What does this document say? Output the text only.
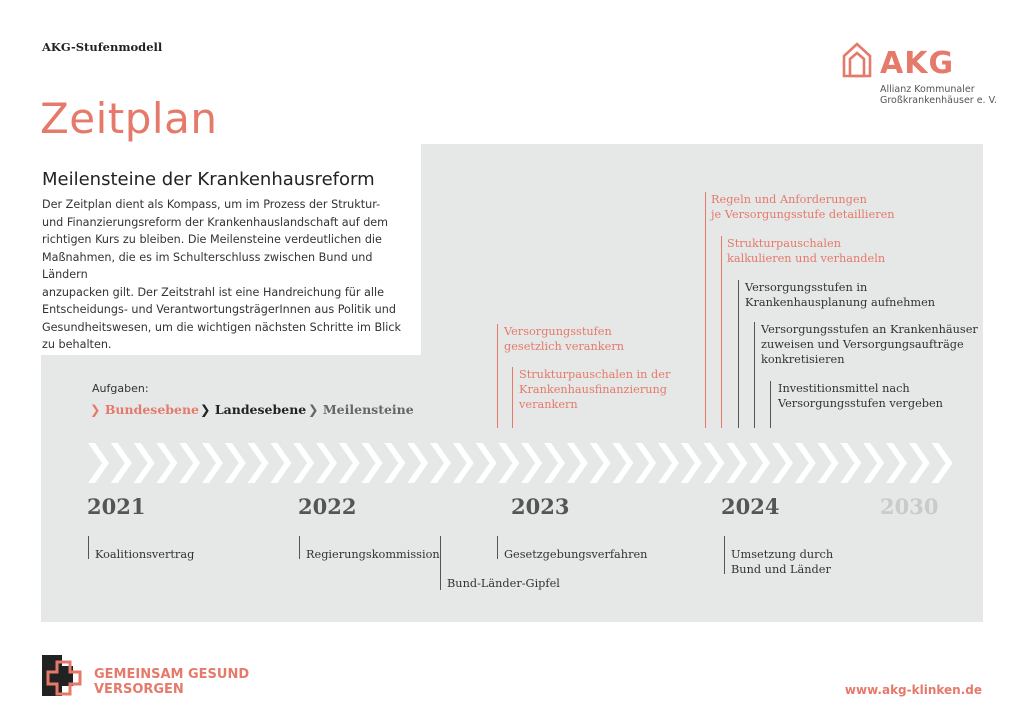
AKG-Stufenmodell
Zeitplan
AKG
Allianz Kommunaler
Großkrankenhäuser e. V.
Meilensteine der Krankenhausreform
Der Zeitplan dient als Kompass, um im Prozess der Struktur-
und Finanzierungsreform der Krankenhauslandschaft auf dem
richtigen Kurs zu bleiben. Die Meilensteine verdeutlichen die
Maßnahmen, die es im Schulterschluss zwischen Bund und Ländern
anzupacken gilt. Der Zeitstrahl ist eine Handreichung für alle
Entscheidungs- und VerantwortungsträgerInnen aus Politik und
Gesundheitswesen, um die wichtigen nächsten Schritte im Blick
zu behalten.
Aufgaben:
❯ Bundesebene ❯ Landesebene ❯ Meilensteine
2021	2022	2023	2024	2030
Koalitionsvertrag	Regierungskommission
Bund-Länder-Gipfel
Gesetzgebungsverfahren	Umsetzung durch
Bund und Länder
Versorgungsstufen
gesetzlich verankern
Strukturpauschalen in der
Krankenhausfinanzierung
verankern
Regeln und Anforderungen
je Versorgungsstufe detaillieren
Strukturpauschalen
kalkulieren und verhandeln
Versorgungsstufen in
Krankenhausplanung aufnehmen
Versorgungsstufen an Krankenhäuser
zuweisen und Versorgungsaufträge
konkretisieren
Investitionsmittel nach
Versorgungsstufen vergeben
GEMEINSAM GESUND
VERSORGEN	www.akg-klinken.de
